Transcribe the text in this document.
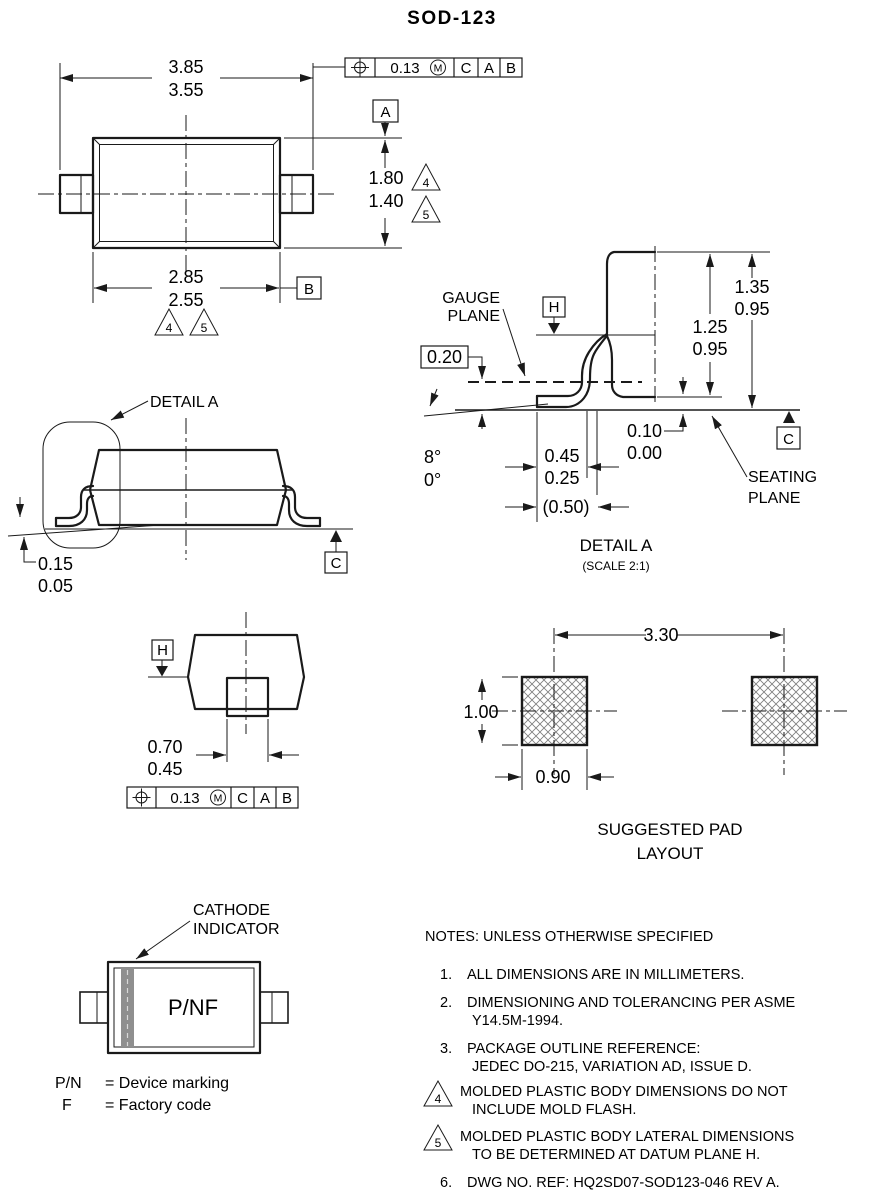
SOD-123
3.85
3.55
0.13 M C A B
A
1.80
1.40
4
5
2.85
2.55
B
4 5
DETAIL A
0.15
0.05
C
H
GAUGE
PLANE
0.20
1.35
0.95
1.25
0.95
0.10
0.00
8°
0°
0.45
0.25
(0.50)
SEATING
PLANE
C
DETAIL A
(SCALE 2:1)
H
0.70
0.45
0.13 M C A B
3.30
1.00
0.90
SUGGESTED PAD
LAYOUT
CATHODE
INDICATOR
P/NF
P/N = Device marking
F = Factory code
NOTES: UNLESS OTHERWISE SPECIFIED
1. ALL DIMENSIONS ARE IN MILLIMETERS.
2. DIMENSIONING AND TOLERANCING PER ASME
Y14.5M-1994.
3. PACKAGE OUTLINE REFERENCE:
JEDEC DO-215, VARIATION AD, ISSUE D.
4 MOLDED PLASTIC BODY DIMENSIONS DO NOT
INCLUDE MOLD FLASH.
5 MOLDED PLASTIC BODY LATERAL DIMENSIONS
TO BE DETERMINED AT DATUM PLANE H.
6. DWG NO. REF: HQ2SD07-SOD123-046 REV A.
